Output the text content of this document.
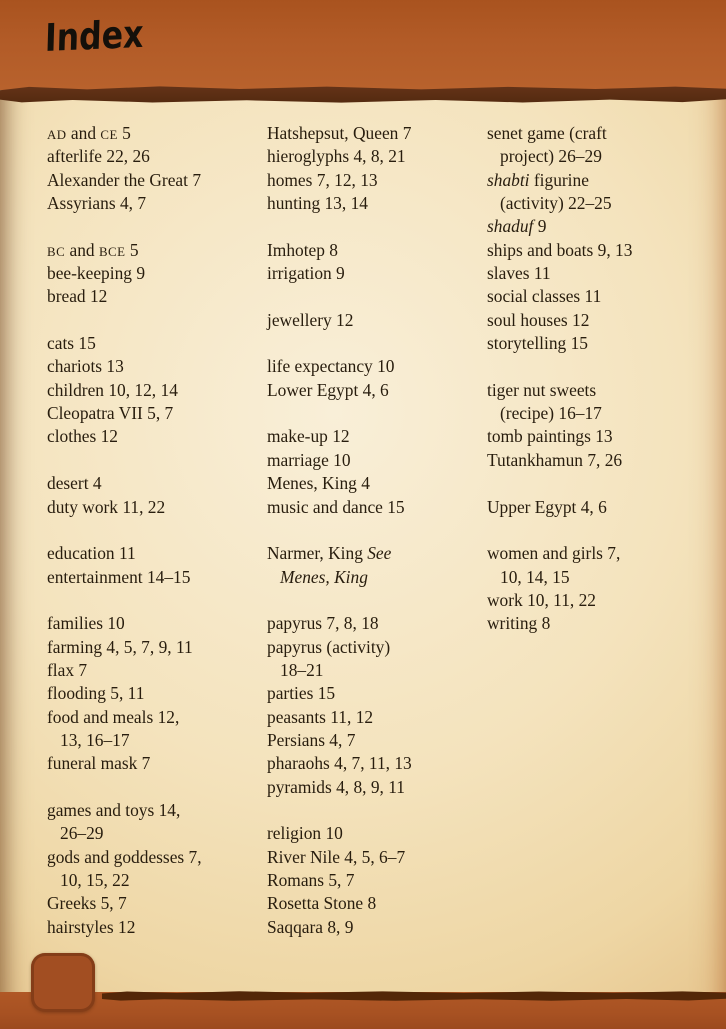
Index
AD and CE 5
afterlife 22, 26
Alexander the Great 7
Assyrians 4, 7
BC and BCE 5
bee-keeping 9
bread 12
cats 15
chariots 13
children 10, 12, 14
Cleopatra VII 5, 7
clothes 12
desert 4
duty work 11, 22
education 11
entertainment 14–15
families 10
farming 4, 5, 7, 9, 11
flax 7
flooding 5, 11
food and meals 12,
13, 16–17
funeral mask 7
games and toys 14,
26–29
gods and goddesses 7,
10, 15, 22
Greeks 5, 7
hairstyles 12
Hatshepsut, Queen 7
hieroglyphs 4, 8, 21
homes 7, 12, 13
hunting 13, 14
Imhotep 8
irrigation 9
jewellery 12
life expectancy 10
Lower Egypt 4, 6
make-up 12
marriage 10
Menes, King 4
music and dance 15
Narmer, King See
Menes, King
papyrus 7, 8, 18
papyrus (activity)
18–21
parties 15
peasants 11, 12
Persians 4, 7
pharaohs 4, 7, 11, 13
pyramids 4, 8, 9, 11
religion 10
River Nile 4, 5, 6–7
Romans 5, 7
Rosetta Stone 8
Saqqara 8, 9
senet game (craft
project) 26–29
shabti figurine
(activity) 22–25
shaduf 9
ships and boats 9, 13
slaves 11
social classes 11
soul houses 12
storytelling 15
tiger nut sweets
(recipe) 16–17
tomb paintings 13
Tutankhamun 7, 26
Upper Egypt 4, 6
women and girls 7,
10, 14, 15
work 10, 11, 22
writing 8
